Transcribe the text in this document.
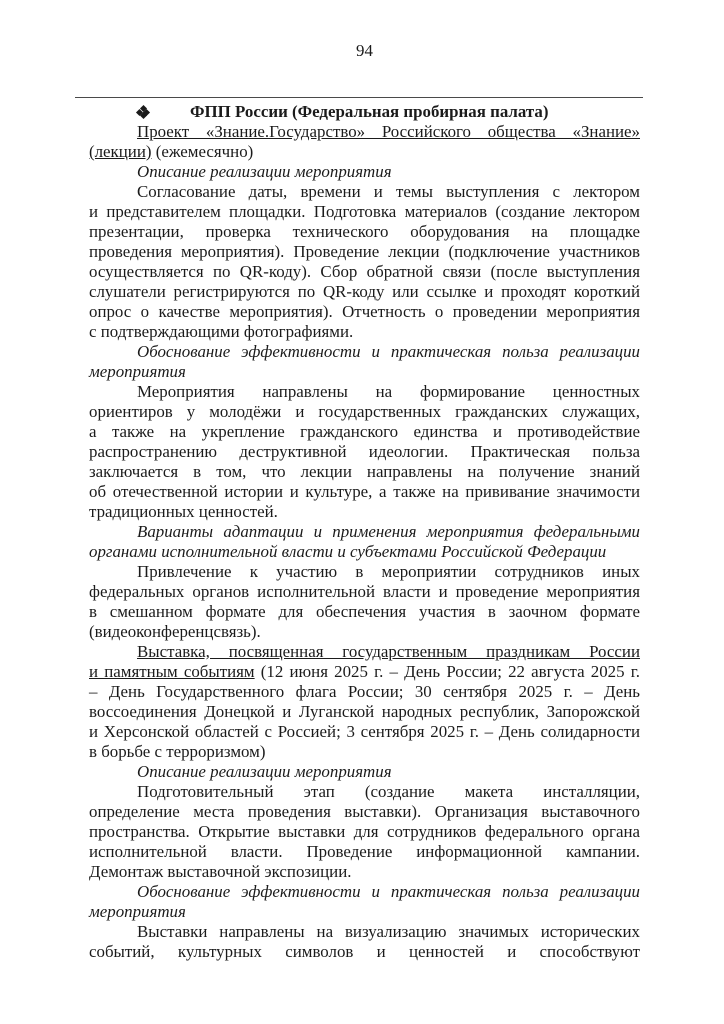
94

ФПП России (Федеральная пробирная палата)

Проект «Знание.Государство» Российского общества «Знание»
(лекции) (ежемесячно)
Описание реализации мероприятия
Согласование даты, времени и темы выступления с лектором
и представителем площадки. Подготовка материалов (создание лектором
презентации, проверка технического оборудования на площадке
проведения мероприятия). Проведение лекции (подключение участников
осуществляется по QR-коду). Сбор обратной связи (после выступления
слушатели регистрируются по QR-коду или ссылке и проходят короткий
опрос о качестве мероприятия). Отчетность о проведении мероприятия
с подтверждающими фотографиями.
Обоснование эффективности и практическая польза реализации
мероприятия
Мероприятия направлены на формирование ценностных
ориентиров у молодёжи и государственных гражданских служащих,
а также на укрепление гражданского единства и противодействие
распространению деструктивной идеологии. Практическая польза
заключается в том, что лекции направлены на получение знаний
об отечественной истории и культуре, а также на прививание значимости
традиционных ценностей.
Варианты адаптации и применения мероприятия федеральными
органами исполнительной власти и субъектами Российской Федерации
Привлечение к участию в мероприятии сотрудников иных
федеральных органов исполнительной власти и проведение мероприятия
в смешанном формате для обеспечения участия в заочном формате
(видеоконференцсвязь).
Выставка, посвященная государственным праздникам России
и памятным событиям (12 июня 2025 г. – День России; 22 августа 2025 г.
– День Государственного флага России; 30 сентября 2025 г. – День
воссоединения Донецкой и Луганской народных республик, Запорожской
и Херсонской областей с Россией; 3 сентября 2025 г. – День солидарности
в борьбе с терроризмом)
Описание реализации мероприятия
Подготовительный этап (создание макета инсталляции,
определение места проведения выставки). Организация выставочного
пространства. Открытие выставки для сотрудников федерального органа
исполнительной власти. Проведение информационной кампании.
Демонтаж выставочной экспозиции.
Обоснование эффективности и практическая польза реализации
мероприятия
Выставки направлены на визуализацию значимых исторических
событий, культурных символов и ценностей и способствуют
